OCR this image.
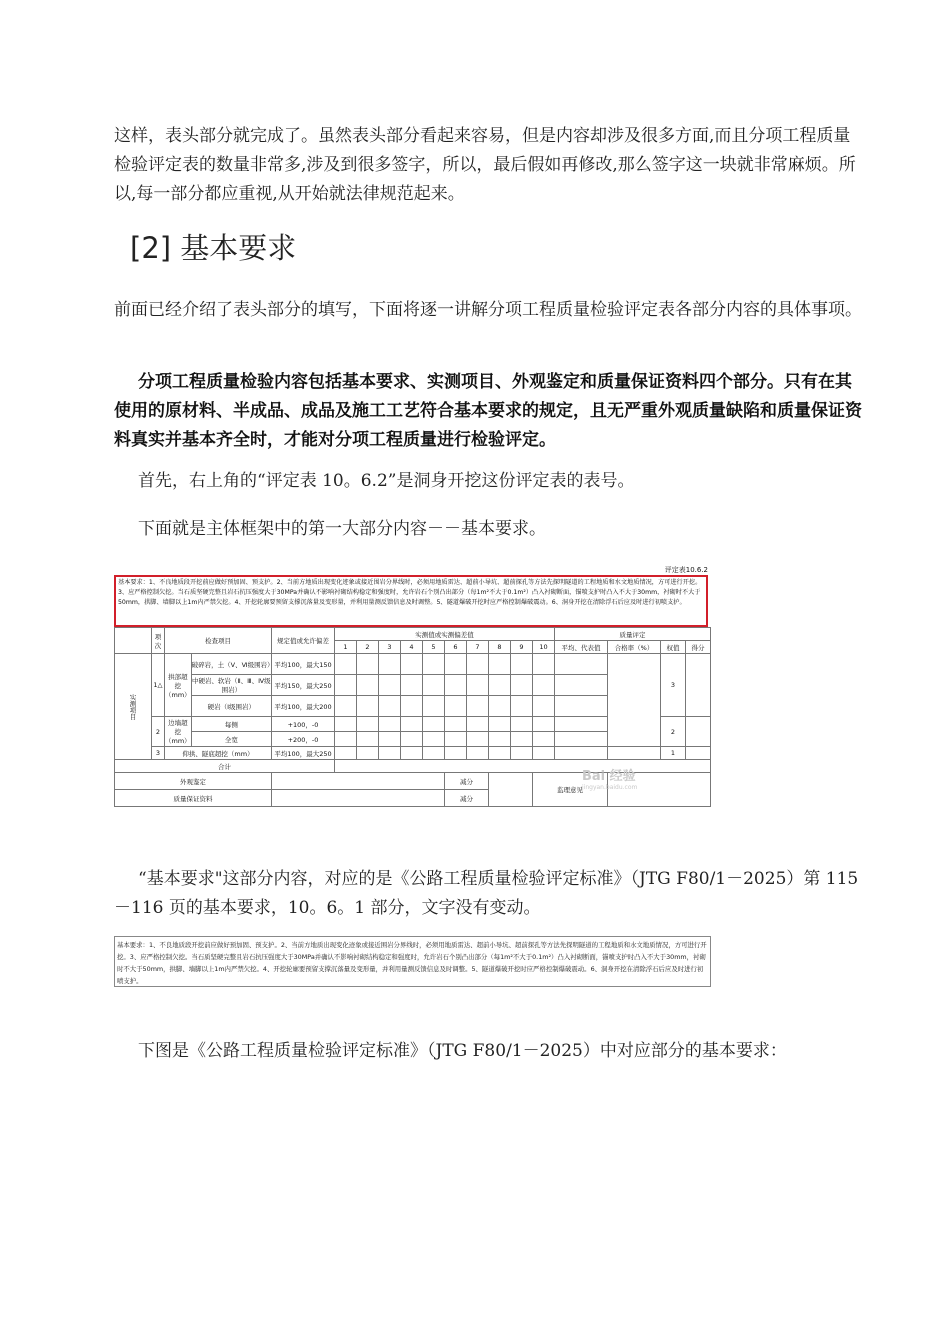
这样，表头部分就完成了。虽然表头部分看起来容易，但是内容却涉及很多方面,而且分项工程质量检验评定表的数量非常多,涉及到很多签字，所以，最后假如再修改,那么签字这一块就非常麻烦。所以,每一部分都应重视,从开始就法律规范起来。

[2] 基本要求

前面已经介绍了表头部分的填写，下面将逐一讲解分项工程质量检验评定表各部分内容的具体事项。

分项工程质量检验内容包括基本要求、实测项目、外观鉴定和质量保证资料四个部分。只有在其使用的原材料、半成品、成品及施工工艺符合基本要求的规定，且无严重外观质量缺陷和质量保证资料真实并基本齐全时，才能对分项工程质量进行检验评定。

首先，右上角的“评定表 10。6.2”是洞身开挖这份评定表的表号。

下面就是主体框架中的第一大部分内容－－基本要求。

评定表10.6.2
基本要求：1、不良地质段开挖前应做好预加固、预支护。2、当前方地质出现变化迹象或接近围岩分界线时，必须用地质雷达、超前小导坑、超前探孔等方法先探明隧道的工程地质和水文地质情况，方可进行开挖。3、应严格控制欠挖。当石质坚硬完整且岩石抗压强度大于30MPa并确认不影响衬砌结构稳定和强度时，允许岩石个别凸出部分（每1m²不大于0.1m²）凸入衬砌断面，锚喷支护时凸入不大于30mm，衬砌时不大于50mm，拱脚、墙脚以上1m内严禁欠挖。4、开挖轮廓要预留支撑沉落量及变形量，并利用量测反馈信息及时调整。5、隧道爆破开挖时应严格控制爆破震动。6、洞身开挖在清除浮石后应及时进行初喷支护。
	项次	检查项目		规定值或允许偏差	实测值或实测偏差值										质量评定			
					1	2	3	4	5	6	7	8	9	10	平均、代表值	合格率（%）	权值	得分
实测项目	1△	拱部超挖（mm）	破碎岩，土（Ⅴ、Ⅵ级围岩）	平均100，最大150													3	
			中硬岩、软岩（Ⅱ、Ⅲ、Ⅳ级围岩）	平均150，最大250														
			硬岩（Ⅰ级围岩）	平均100，最大200														
	2	边墙超挖（mm）	每侧	+100，-0													2	
			全宽	+200，-0														
	3	仰拱、隧底超挖（mm）		平均100，最大250													1	
合计																		
外观鉴定										减分				监理意见				
质量保证资料										减分								
Bai 经验
jingyan.baidu.com

“基本要求"这部分内容，对应的是《公路工程质量检验评定标准》（JTG F80/1－2025）第 115－116 页的基本要求，10。6。1 部分，文字没有变动。

基本要求：1、不良地质段开挖前应做好预加固、预支护。2、当前方地质出现变化迹象或接近围岩分界线时，必须用地质雷达、超前小导坑、超前探孔等方法先探明隧道的工程地质和水文地质情况，方可进行开挖。3、应严格控制欠挖。当石质坚硬完整且岩石抗压强度大于30MPa并确认不影响衬砌结构稳定和强度时，允许岩石个别凸出部分（每1m²不大于0.1m²）凸入衬砌断面，锚喷支护时凸入不大于30mm，衬砌时不大于50mm，拱脚、墙脚以上1m内严禁欠挖。4、开挖轮廓要预留支撑沉落量及变形量，并利用量测反馈信息及时调整。5、隧道爆破开挖时应严格控制爆破震动。6、洞身开挖在清除浮石后应及时进行初喷支护。

下图是《公路工程质量检验评定标准》（JTG F80/1－2025）中对应部分的基本要求：
